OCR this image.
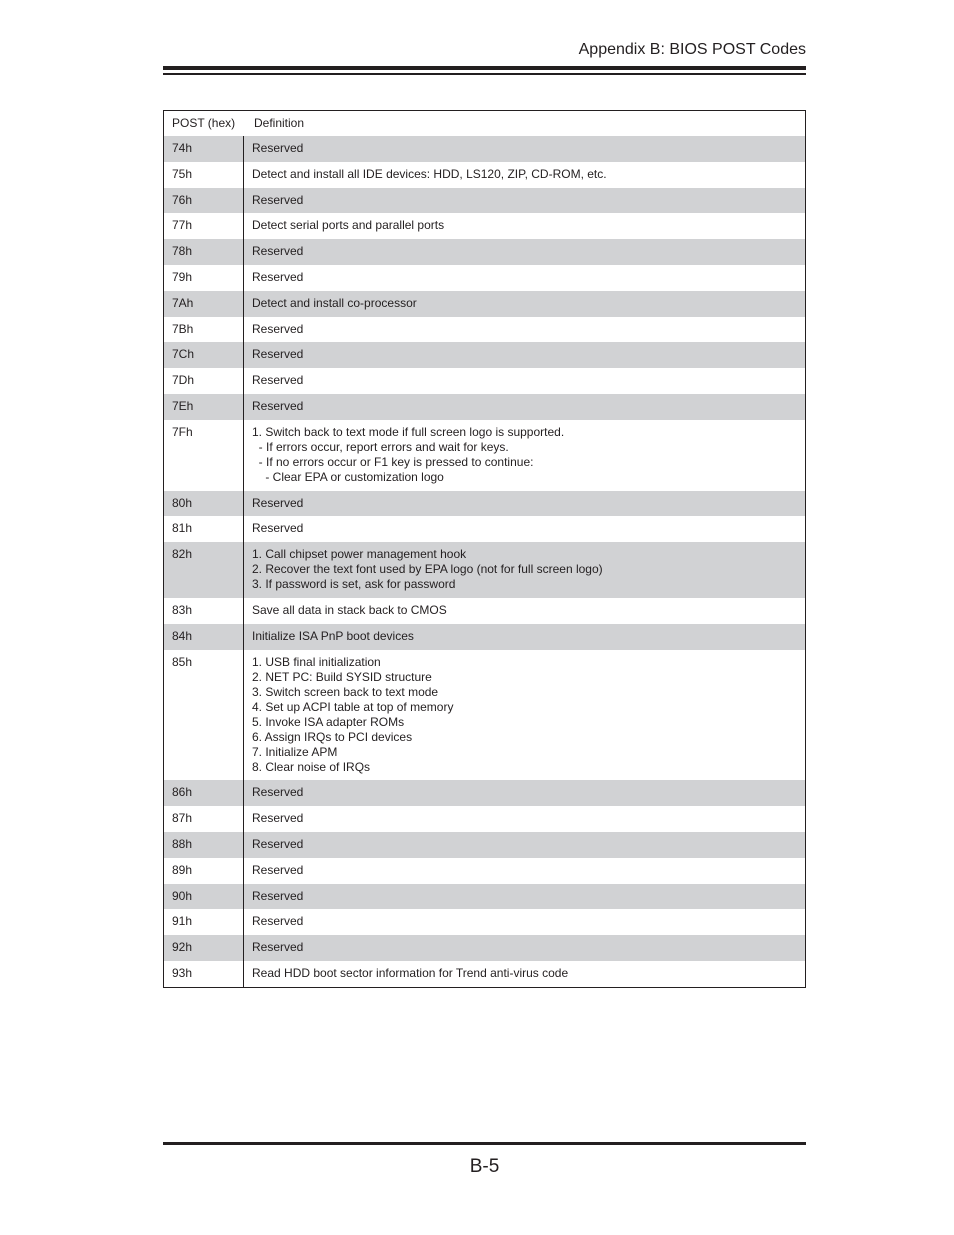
Appendix B: BIOS POST Codes
POST (hex)	Definition
74h	Reserved
75h	Detect and install all IDE devices: HDD, LS120, ZIP, CD-ROM, etc.
76h	Reserved
77h	Detect serial ports and parallel ports
78h	Reserved
79h	Reserved
7Ah	Detect and install co-processor
7Bh	Reserved
7Ch	Reserved
7Dh	Reserved
7Eh	Reserved
7Fh	1. Switch back to text mode if full screen logo is supported.
- If errors occur, report errors and wait for keys.
- If no errors occur or F1 key is pressed to continue:
- Clear EPA or customization logo
80h	Reserved
81h	Reserved
82h	1. Call chipset power management hook
2. Recover the text font used by EPA logo (not for full screen logo)
3. If password is set, ask for password
83h	Save all data in stack back to CMOS
84h	Initialize ISA PnP boot devices
85h	1. USB final initialization
2. NET PC: Build SYSID structure
3. Switch screen back to text mode
4. Set up ACPI table at top of memory
5. Invoke ISA adapter ROMs
6. Assign IRQs to PCI devices
7. Initialize APM
8. Clear noise of IRQs
86h	Reserved
87h	Reserved
88h	Reserved
89h	Reserved
90h	Reserved
91h	Reserved
92h	Reserved
93h	Read HDD boot sector information for Trend anti-virus code
B-5
